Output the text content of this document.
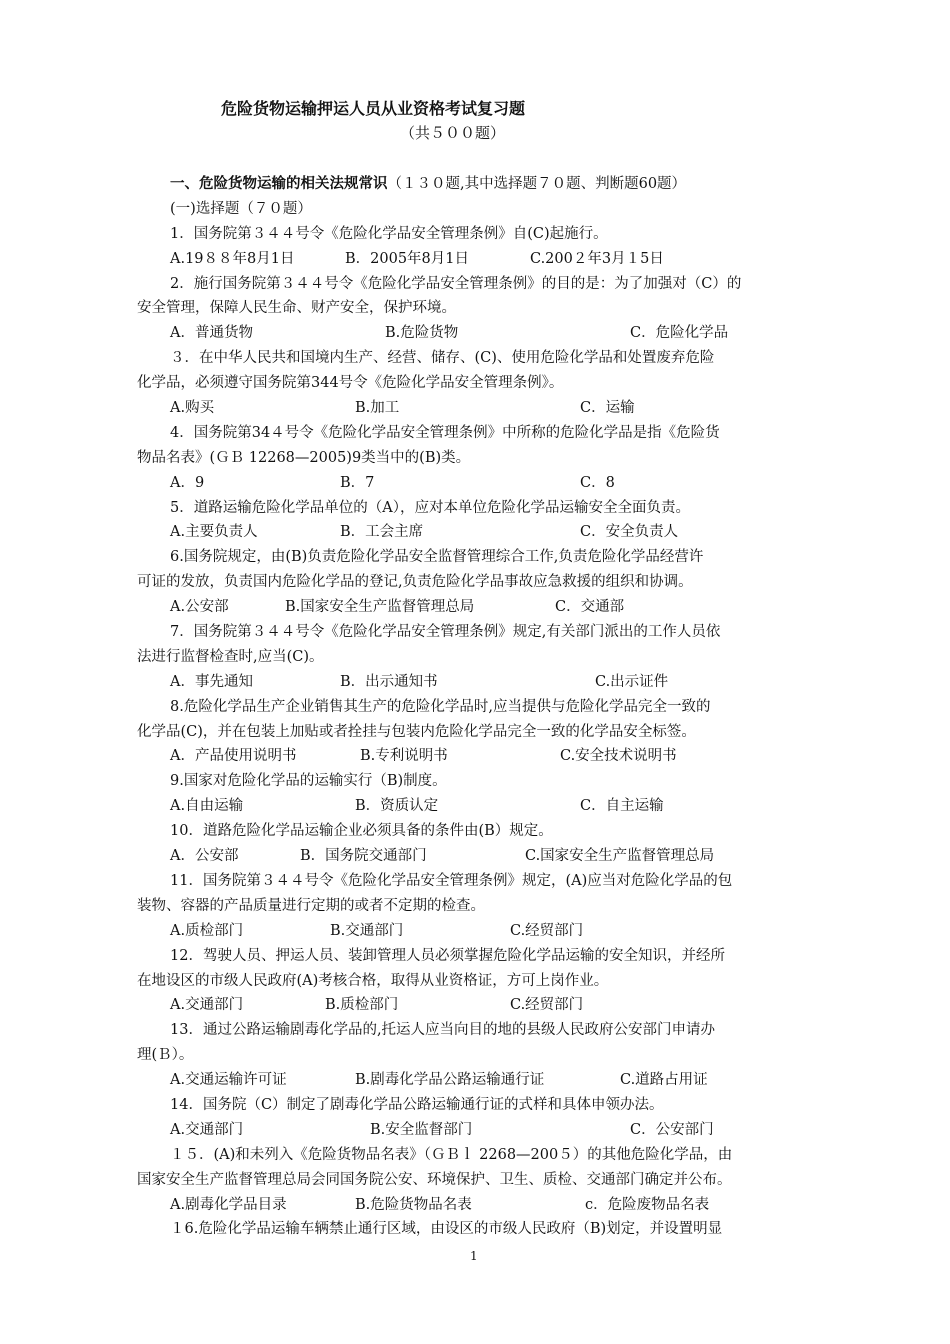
危险货物运输押运人员从业资格考试复习题
（共５００题）
一、危险货物运输的相关法规常识（１３０题,其中选择题７０题、判断题60题）
(一)选择题（７０题）
1．国务院第３４４号令《危险化学品安全管理条例》自(C)起施行。
A.19８８年8月1日	B．2005年8月1日	C.200２年3月１5日
2．施行国务院第３４４号令《危险化学品安全管理条例》的目的是：为了加强对（C）的
安全管理，保障人民生命、财产安全，保护环境。
A．普通货物	B.危险货物	C．危险化学品
３．在中华人民共和国境内生产、经营、储存、(C)、使用危险化学品和处置废弃危险
化学品，必须遵守国务院第344号令《危险化学品安全管理条例》。
A.购买	B.加工	C．运输
4．国务院第34４号令《危险化学品安全管理条例》中所称的危险化学品是指《危险货
物品名表》(ＧＢ 12268—2005)9类当中的(B)类。
A．9	B．7	C．8
5．道路运输危险化学品单位的（A），应对本单位危险化学品运输安全全面负责。
A.主要负责人	B．工会主席	C．安全负责人
6.国务院规定，由(B)负责危险化学品安全监督管理综合工作,负责危险化学品经营许
可证的发放，负责国内危险化学品的登记,负责危险化学品事故应急救援的组织和协调。
A.公安部	B.国家安全生产监督管理总局	C．交通部
7．国务院第３４４号令《危险化学品安全管理条例》规定,有关部门派出的工作人员依
法进行监督检查时,应当(C)。
A．事先通知	B．出示通知书	C.出示证件
8.危险化学品生产企业销售其生产的危险化学品时,应当提供与危险化学品完全一致的
化学品(C)，并在包装上加贴或者拴挂与包装内危险化学品完全一致的化学品安全标签。
A．产品使用说明书	B.专利说明书	C.安全技术说明书
9.国家对危险化学品的运输实行（B)制度。
A.自由运输	B．资质认定	C．自主运输
10．道路危险化学品运输企业必须具备的条件由(B）规定。
A．公安部	B．国务院交通部门	C.国家安全生产监督管理总局
11．国务院第３４４号令《危险化学品安全管理条例》规定，(A)应当对危险化学品的包
装物、容器的产品质量进行定期的或者不定期的检查。
A.质检部门	B.交通部门	C.经贸部门
12．驾驶人员、押运人员、装卸管理人员必须掌握危险化学品运输的安全知识，并经所
在地设区的市级人民政府(A)考核合格，取得从业资格证，方可上岗作业。
A.交通部门	B.质检部门	C.经贸部门
13．通过公路运输剧毒化学品的,托运人应当向目的地的县级人民政府公安部门申请办
理(Ｂ）。
A.交通运输许可证	B.剧毒化学品公路运输通行证	C.道路占用证
14．国务院（C）制定了剧毒化学品公路运输通行证的式样和具体申领办法。
A.交通部门	B.安全监督部门	C．公安部门
１５．(A)和未列入《危险货物品名表》（ＧＢｌ 2268—200５）的其他危险化学品，由
国家安全生产监督管理总局会同国务院公安、环境保护、卫生、质检、交通部门确定并公布。
A.剧毒化学品目录	B.危险货物品名表	c．危险废物品名表
１6.危险化学品运输车辆禁止通行区域，由设区的市级人民政府（B)划定，并设置明显
1
